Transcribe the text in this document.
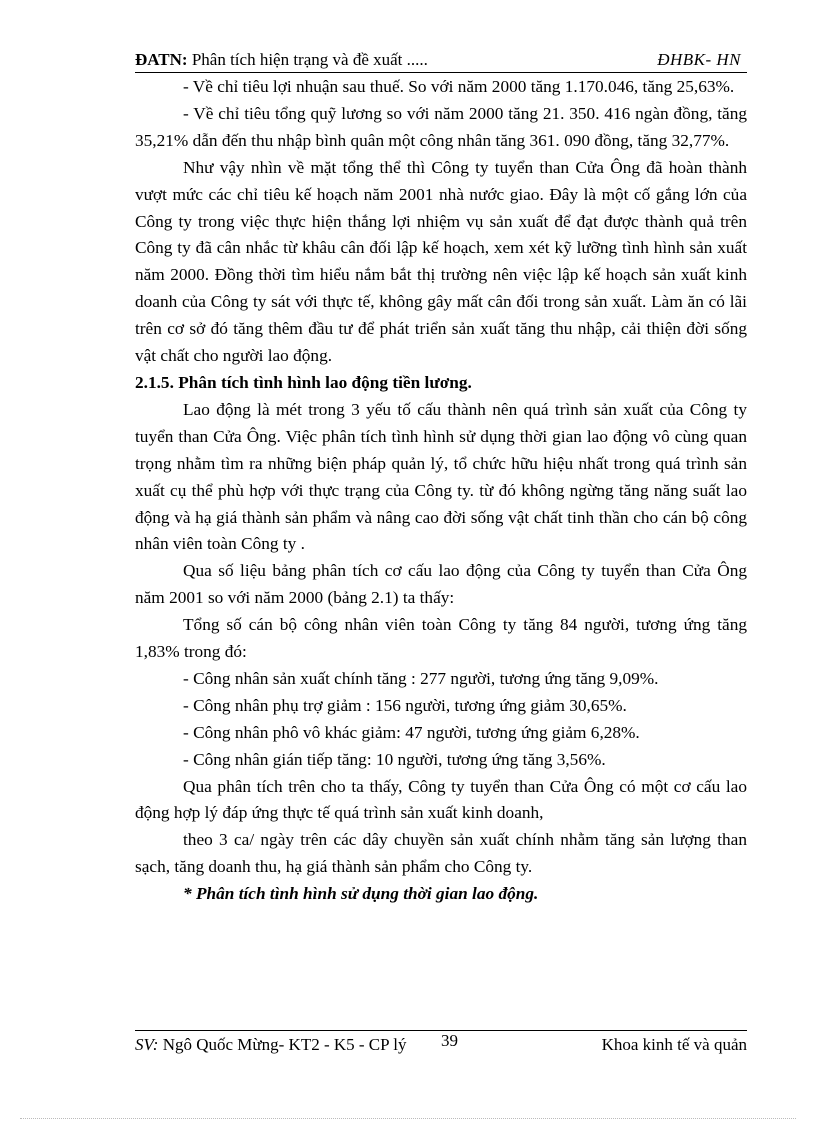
ĐATN: Phân tích hiện trạng và đề xuất .....	ĐHBK- HN

- Về chỉ tiêu lợi nhuận sau thuế. So với năm 2000 tăng 1.170.046, tăng 25,63%.

- Về chỉ tiêu tổng quỹ lương so với năm 2000 tăng 21. 350. 416 ngàn đồng, tăng 35,21% dẫn đến thu nhập bình quân một công nhân tăng 361. 090 đồng, tăng 32,77%.

Như vậy nhìn về mặt tổng thể thì Công ty tuyển than Cửa Ông đã hoàn thành vượt mức các chỉ tiêu kế hoạch năm 2001 nhà nước giao. Đây là một cố gắng lớn của Công ty trong việc thực hiện thắng lợi nhiệm vụ sản xuất để đạt được thành quả trên Công ty đã cân nhắc từ khâu cân đối lập kế hoạch, xem xét kỹ lưỡng tình hình sản xuất năm 2000. Đồng thời tìm hiểu nắm bắt thị trường nên việc lập kế hoạch sản xuất kinh doanh của Công ty sát với thực tế, không gây mất cân đối trong sản xuất. Làm ăn có lãi trên cơ sở đó tăng thêm đầu tư để phát triển sản xuất tăng thu nhập, cải thiện đời sống vật chất cho người lao động.

2.1.5. Phân tích tình hình lao động tiền lương.

Lao động là mét trong 3 yếu tố cấu thành nên quá trình sản xuất của Công ty tuyển than Cửa Ông. Việc phân tích tình hình sử dụng thời gian lao động vô cùng quan trọng nhằm tìm ra những biện pháp quản lý, tổ chức hữu hiệu nhất trong quá trình sản xuất cụ thể phù hợp với thực trạng của Công ty. từ đó không ngừng tăng năng suất lao động và hạ giá thành sản phẩm và nâng cao đời sống vật chất tinh thần cho cán bộ công nhân viên toàn Công ty .

Qua số liệu bảng phân tích cơ cấu lao động của Công ty tuyển than Cửa Ông năm 2001 so với năm 2000 (bảng 2.1) ta thấy:

Tổng số cán bộ công nhân viên toàn Công ty tăng 84 người, tương ứng tăng 1,83% trong đó:

- Công nhân sản xuất chính tăng : 277 người, tương ứng tăng 9,09%.

- Công nhân phụ trợ giảm : 156 người, tương ứng giảm 30,65%.

- Công nhân phô vô khác giảm: 47 người, tương ứng giảm 6,28%.

- Công nhân gián tiếp tăng: 10 người, tương ứng tăng 3,56%.

Qua phân tích trên cho ta thấy, Công ty tuyển than Cửa Ông có một cơ cấu lao động hợp lý đáp ứng thực tế quá trình sản xuất kinh doanh,

theo 3 ca/ ngày trên các dây chuyền sản xuất chính nhằm tăng sản lượng than sạch, tăng doanh thu, hạ giá thành sản phẩm cho Công ty.

* Phân tích tình hình sử dụng thời gian lao động.

SV: Ngô Quốc Mừng- KT2 - K5 - CP lý	39	Khoa kinh tế và quản
